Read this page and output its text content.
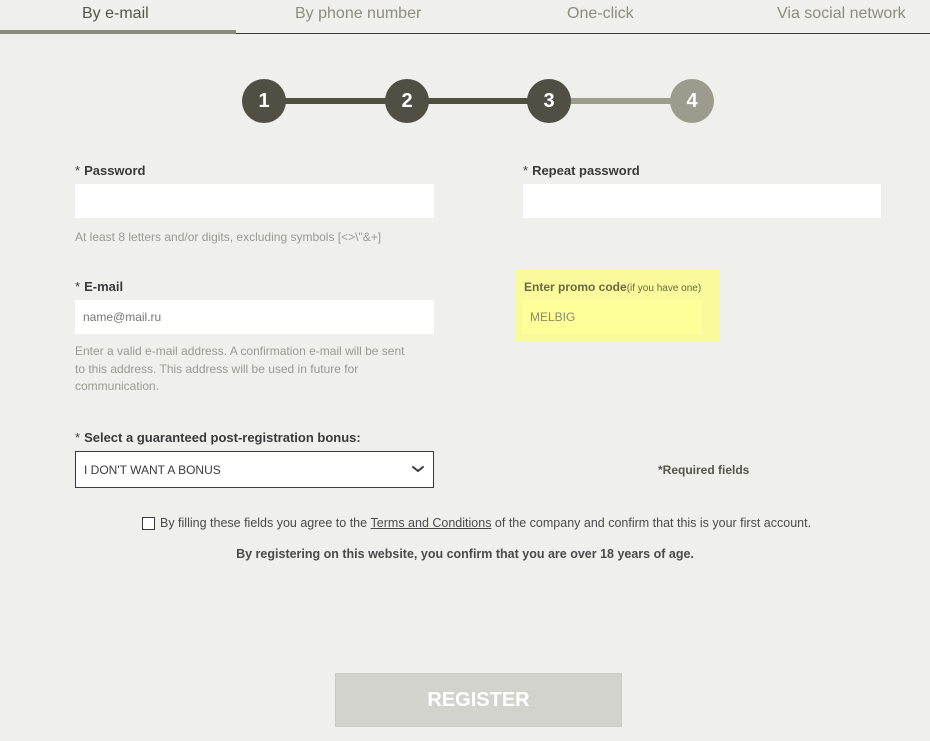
By e-mail	By phone number	One-click	Via social network
1	2	3	4
* Password
At least 8 letters and/or digits, excluding symbols [<>\"&+]
* Repeat password
* E-mail
name@mail.ru
Enter a valid e-mail address. A confirmation e-mail will be sent
to this address. This address will be used in future for
communication.
Enter promo code(if you have one)
MELBIG
* Select a guaranteed post-registration bonus:
I DON'T WANT A BONUS	*Required fields
By filling these fields you agree to the Terms and Conditions of the company and confirm that this is your first account.
By registering on this website, you confirm that you are over 18 years of age.
REGISTER
